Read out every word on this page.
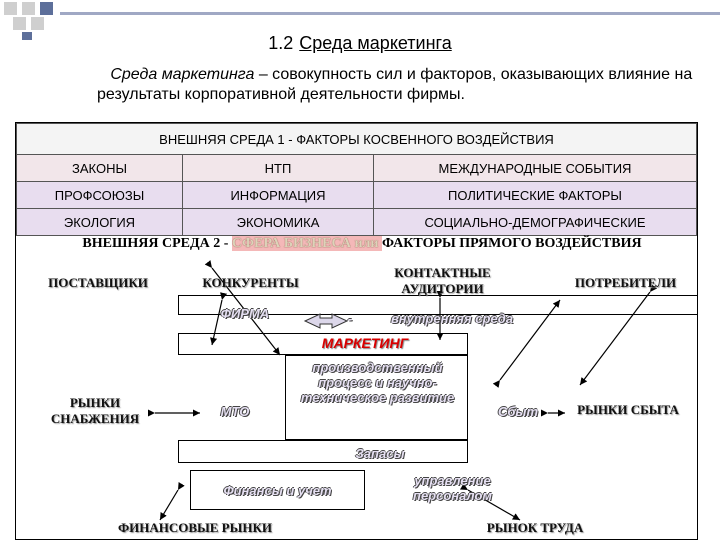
1.2 Среда маркетинга
Среда маркетинга – совокупность сил и факторов, оказывающих влияние на результаты корпоративной деятельности фирмы.
ВНЕШНЯЯ СРЕДА 1 - ФАКТОРЫ КОСВЕННОГО ВОЗДЕЙСТВИЯ		
ЗАКОНЫ	НТП	МЕЖДУНАРОДНЫЕ СОБЫТИЯ
ПРОФСОЮЗЫ	ИНФОРМАЦИЯ	ПОЛИТИЧЕСКИЕ ФАКТОРЫ
ЭКОЛОГИЯ	ЭКОНОМИКА	СОЦИАЛЬНО-ДЕМОГРАФИЧЕСКИЕ
ВНЕШНЯЯ СРЕДА 2 - СФЕРА БИЗНЕСА или ФАКТОРЫ ПРЯМОГО ВОЗДЕЙСТВИЯ
ПОСТАВЩИКИ	КОНКУРЕНТЫ
КОНТАКТНЫЕ АУДИТОРИИ	ПОТРЕБИТЕЛИ
РЫНКИ СНАБЖЕНИЯ
РЫНКИ СБЫТА
ФИНАНСОВЫЕ РЫНКИ	РЫНОК ТРУДА
ФИРМА	-	внутренняя среда
МАРКЕТИНГ
МТО
производственный процесс и научно-техническое развитие
Сбыт
Запасы
Финансы и учет
управление персоналом
